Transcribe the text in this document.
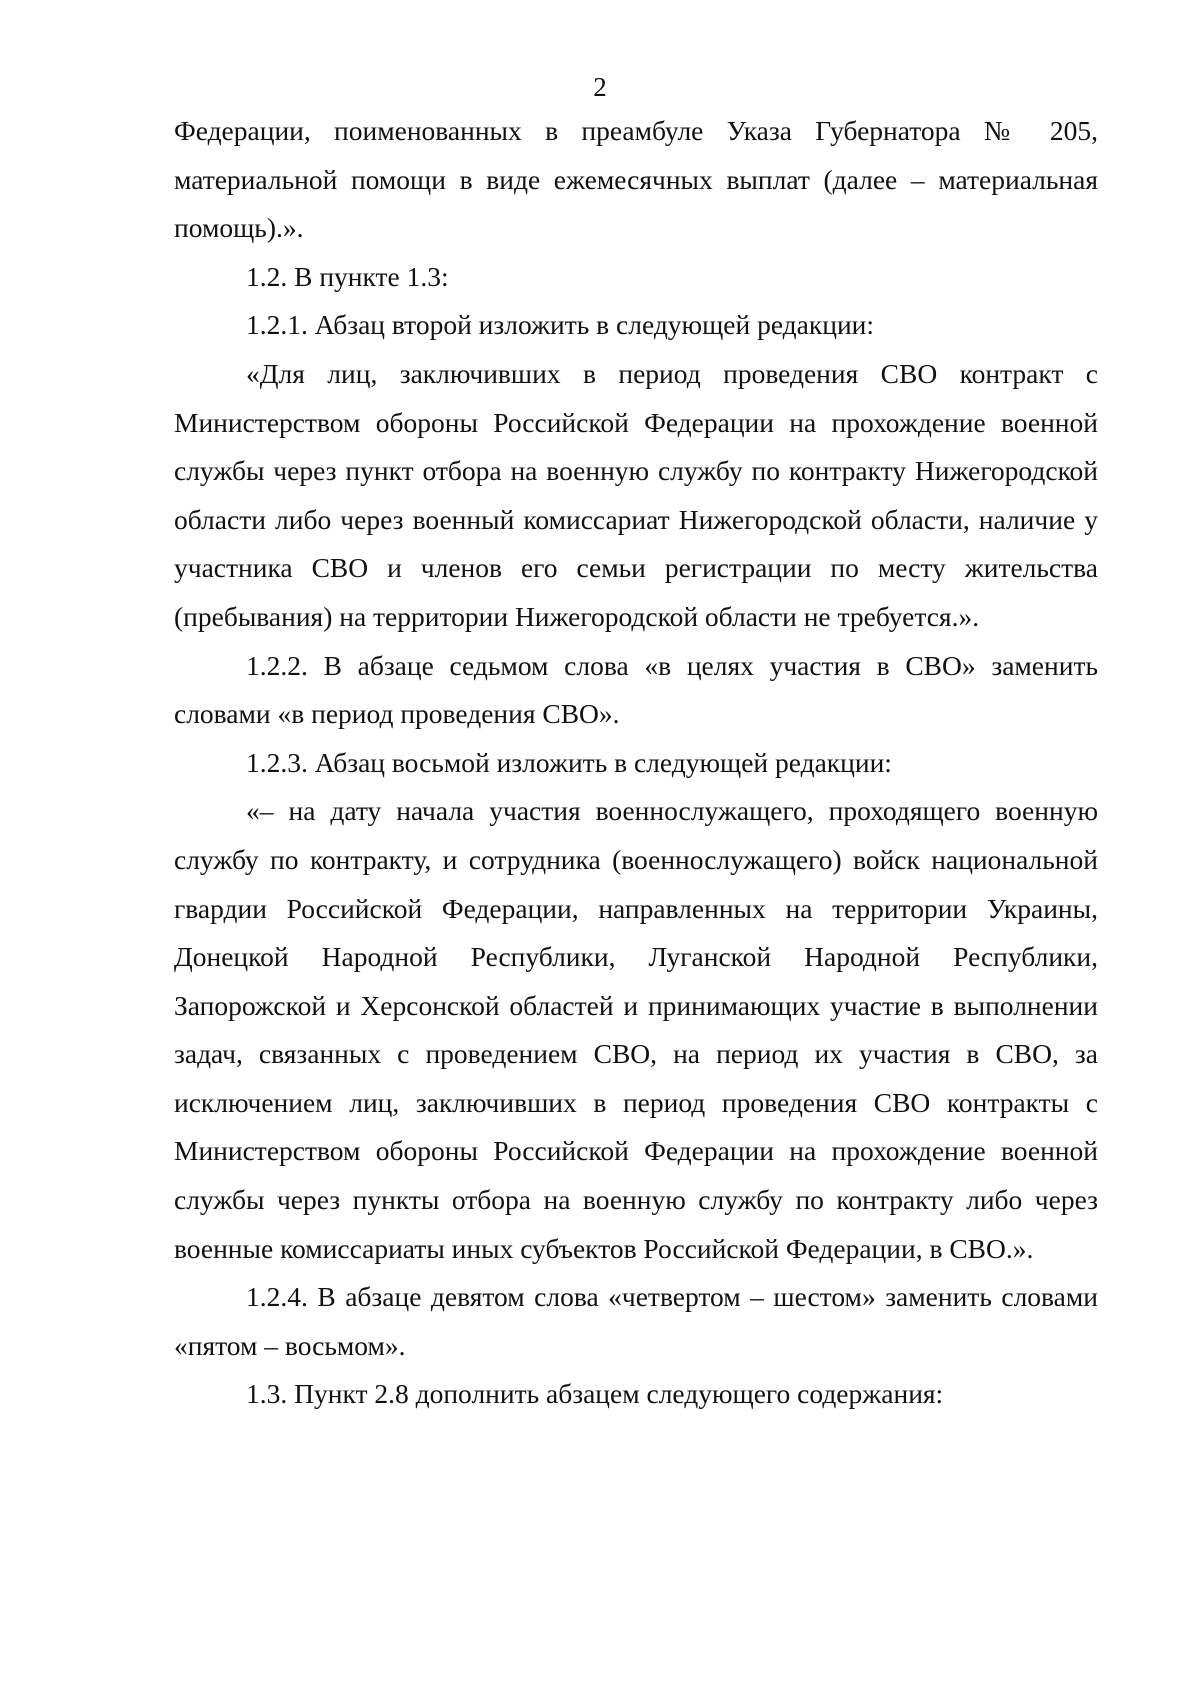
2

Федерации, поименованных в преамбуле Указа Губернатора № 205, материальной помощи в виде ежемесячных выплат (далее – материальная помощь).».

1.2. В пункте 1.3:

1.2.1. Абзац второй изложить в следующей редакции:

«Для лиц, заключивших в период проведения СВО контракт с Министерством обороны Российской Федерации на прохождение военной службы через пункт отбора на военную службу по контракту Нижегородской области либо через военный комиссариат Нижегородской области, наличие у участника СВО и членов его семьи регистрации по месту жительства (пребывания) на территории Нижегородской области не требуется.».

1.2.2. В абзаце седьмом слова «в целях участия в СВО» заменить словами «в период проведения СВО».

1.2.3. Абзац восьмой изложить в следующей редакции:

«– на дату начала участия военнослужащего, проходящего военную службу по контракту, и сотрудника (военнослужащего) войск национальной гвардии Российской Федерации, направленных на территории Украины, Донецкой Народной Республики, Луганской Народной Республики, Запорожской и Херсонской областей и принимающих участие в выполнении задач, связанных с проведением СВО, на период их участия в СВО, за исключением лиц, заключивших в период проведения СВО контракты с Министерством обороны Российской Федерации на прохождение военной службы через пункты отбора на военную службу по контракту либо через военные комиссариаты иных субъектов Российской Федерации, в СВО.».

1.2.4. В абзаце девятом слова «четвертом – шестом» заменить словами «пятом – восьмом».

1.3. Пункт 2.8 дополнить абзацем следующего содержания:
